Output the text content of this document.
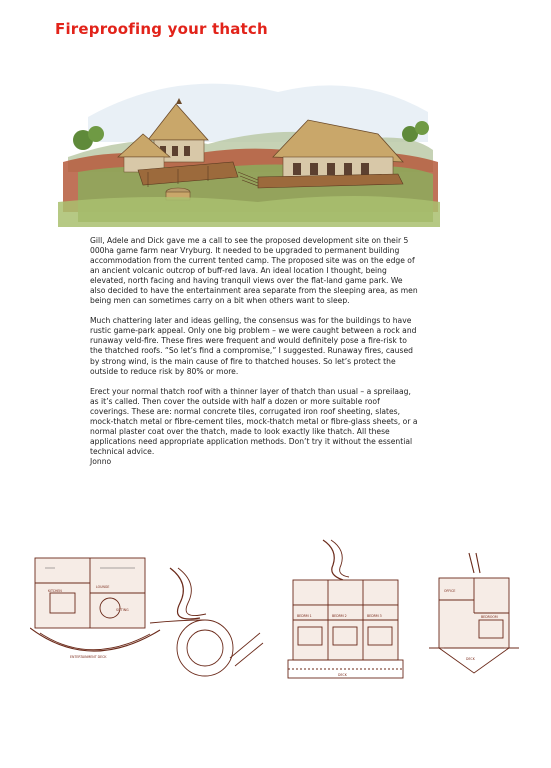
Fireproofing your thatch

Gill, Adele and Dick gave me a call to see the proposed development site on their 5 000ha game farm near Vryburg. It needed to be upgraded to permanent building accommodation from the current tented camp. The proposed site was on the edge of an ancient volcanic outcrop of buff-red lava. An ideal location I thought, being elevated, north facing and having tranquil views over the flat-land game park. We also decided to have the entertainment area separate from the sleeping area, as men being men can sometimes carry on a bit when others want to sleep.

Much chattering later and ideas gelling, the consensus was for the buildings to have rustic game-park appeal. Only one big problem – we were caught between a rock and runaway veld-fire. These fires were frequent and would definitely pose a fire-risk to the thatched roofs. “So let’s find a compromise,” I suggested. Runaway fires, caused by strong wind, is the main cause of fire to thatched houses. So let’s protect the outside to reduce risk by 80% or more.

Erect your normal thatch roof with a thinner layer of thatch than usual – a spreilaag, as it’s called. Then cover the outside with half a dozen or more suitable roof coverings. These are: normal concrete tiles, corrugated iron roof sheeting, slates, mock-thatch metal or fibre-cement tiles, mock-thatch metal or fibre-glass sheets, or a normal plaster coat over the thatch, made to look exactly like thatch. All these applications need appropriate application methods. Don’t try it without the essential technical advice.

Jonno

KITCHEN
LOUNGE
SITTING
ENTERTAINMENT DECK
BEDRM 1	BEDRM 2	BEDRM 3
DECK
OFFICE
BEDROOM
DECK
